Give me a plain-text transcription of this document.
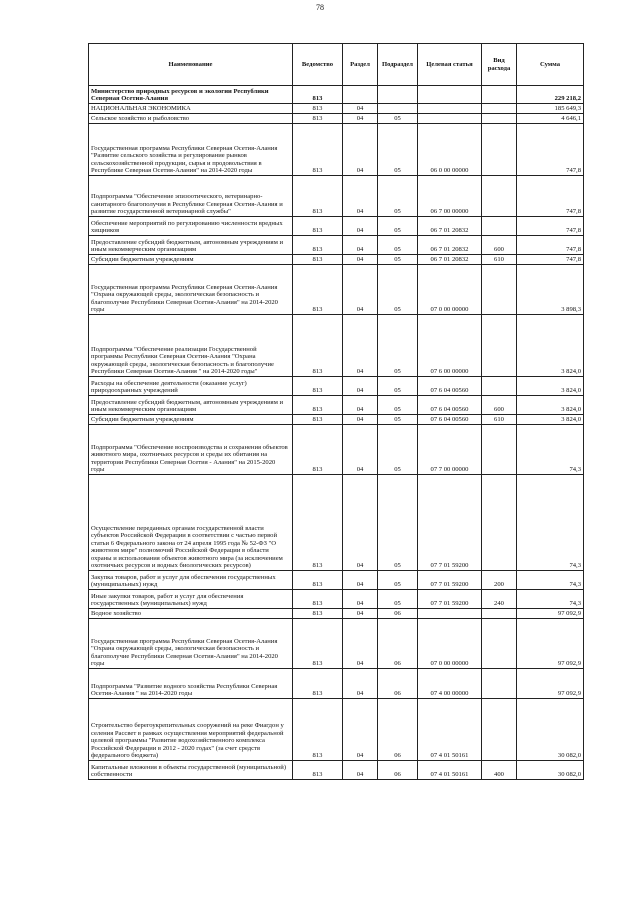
78
Наименование	Ведомство	Раздел	Подраздел	Целевая статья	Вид расхода	Сумма
Министерство природных ресурсов и экологии Республики Северная Осетия-Алания	813					229 218,2
НАЦИОНАЛЬНАЯ ЭКОНОМИКА	813	04				185 649,3
Сельское хозяйство и рыболовство	813	04	05			4 646,1
Государственная программа Республики Северная Осетия-Алания "Развитие сельского хозяйства и регулирование рынков сельскохозяйственной продукции, сырья и продовольствия в Республике Северная Осетия-Алания" на 2014-2020 годы	813	04	05	06 0 00 00000		747,8
Подпрограмма "Обеспечение эпизоотического, ветеринарно-санитарного благополучия в Республике Северная Осетия-Алания и развитие государственной ветеринарной службы"	813	04	05	06 7 00 00000		747,8
Обеспечение мероприятий по регулированию численности вредных хищников	813	04	05	06 7 01 20832		747,8
Предоставление субсидий бюджетным, автономным учреждениям и иным некоммерческим организациям	813	04	05	06 7 01 20832	600	747,8
Субсидии бюджетным учреждениям	813	04	05	06 7 01 20832	610	747,8
Государственная программа Республики Северная Осетия-Алания "Охрана окружающей среды, экологическая безопасность и благополучие Республики Северная Осетия-Алания" на 2014-2020 годы	813	04	05	07 0 00 00000		3 898,3
Подпрограмма "Обеспечение реализации Государственной программы Республики Северная Осетия-Алания "Охрана окружающей среды, экологическая безопасность и благополучие Республики Северная Осетия-Алания " на 2014-2020 годы"	813	04	05	07 6 00 00000		3 824,0
Расходы на обеспечение деятельности (оказание услуг) природоохранных учреждений	813	04	05	07 6 04 00560		3 824,0
Предоставление субсидий бюджетным, автономным учреждениям и иным некоммерческим организациям	813	04	05	07 6 04 00560	600	3 824,0
Субсидии бюджетным учреждениям	813	04	05	07 6 04 00560	610	3 824,0
Подпрограмма "Обеспечение воспроизводства и сохранения объектов животного мира, охотничьих ресурсов и среды их обитания на территории Республики Северная Осетия - Алания" на 2015-2020 годы	813	04	05	07 7 00 00000		74,3
Осуществление переданных органам государственной власти субъектов Российской Федерации в соответствии с частью первой статьи 6 Федерального закона от 24 апреля 1995 года № 52-ФЗ "О животном мире" полномочий Российской Федерации в области охраны и использования объектов животного мира (за исключением охотничьих ресурсов и водных биологических ресурсов)	813	04	05	07 7 01 59200		74,3
Закупка товаров, работ и услуг для обеспечения государственных (муниципальных) нужд	813	04	05	07 7 01 59200	200	74,3
Иные закупки товаров, работ и услуг для обеспечения государственных (муниципальных) нужд	813	04	05	07 7 01 59200	240	74,3
Водное хозяйство	813	04	06			97 092,9
Государственная программа Республики Северная Осетия-Алания "Охрана окружающей среды, экологическая безопасность и благополучие Республики Северная Осетия-Алания" на 2014-2020 годы	813	04	06	07 0 00 00000		97 092,9
Подпрограмма "Развитие водного хозяйства Республики Северная Осетия-Алания " на 2014-2020 годы	813	04	06	07 4 00 00000		97 092,9
Строительство берегоукрепительных сооружений на реке Фиагдон у селения Рассвет в рамках осуществления мероприятий федеральной целевой программы "Развитие водохозяйственного комплекса Российской Федерации в 2012 - 2020 годах" (за счет средств федерального бюджета)	813	04	06	07 4 01 50161		30 082,0
Капитальные вложения в объекты государственной (муниципальной) собственности	813	04	06	07 4 01 50161	400	30 082,0
